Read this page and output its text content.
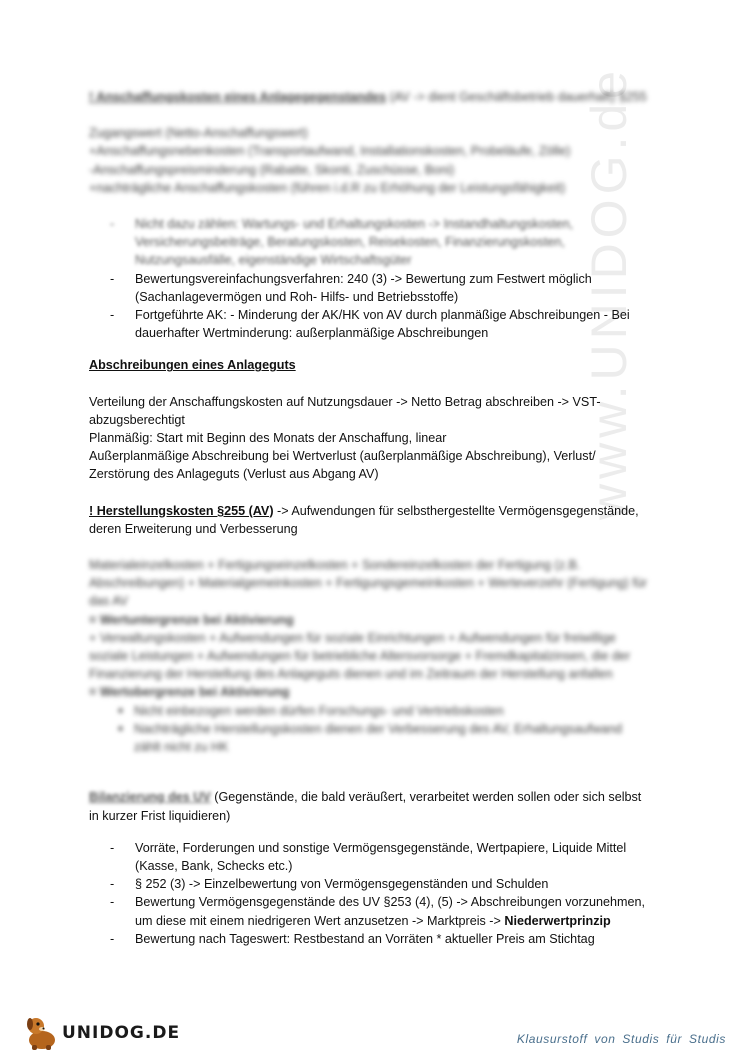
www.UNIDOG.de

! Anschaffungskosten eines Anlagegegenstandes (AV -> dient Geschäftsbetrieb dauerhaft) §255

Zugangswert (Netto-Anschaffungswert)

+Anschaffungsnebenkosten (Transportaufwand, Installationskosten, Probeläufe, Zölle)

-Anschaffungspreisminderung (Rabatte, Skonti, Zuschüsse, Boni)

+nachträgliche Anschaffungskosten (führen i.d.R zu Erhöhung der Leistungsfähigkeit)

- Nicht dazu zählen: Wartungs- und Erhaltungskosten -> Instandhaltungskosten, Versicherungsbeiträge, Beratungskosten, Reisekosten, Finanzierungskosten, Nutzungsausfälle, eigenständige Wirtschaftsgüter
- Bewertungsvereinfachungsverfahren: 240 (3) -> Bewertung zum Festwert möglich (Sachanlagevermögen und Roh- Hilfs- und Betriebsstoffe)
- Fortgeführte AK: - Minderung der AK/HK von AV durch planmäßige Abschreibungen - Bei dauerhafter Wertminderung: außerplanmäßige Abschreibungen

Abschreibungen eines Anlageguts

Verteilung der Anschaffungskosten auf Nutzungsdauer -> Netto Betrag abschreiben -> VST-abzugsberechtigt

Planmäßig: Start mit Beginn des Monats der Anschaffung, linear

Außerplanmäßige Abschreibung bei Wertverlust (außerplanmäßige Abschreibung), Verlust/ Zerstörung des Anlageguts (Verlust aus Abgang AV)

! Herstellungskosten §255 (AV) -> Aufwendungen für selbsthergestellte Vermögensgegenstände, deren Erweiterung und Verbesserung

Materialeinzelkosten + Fertigungseinzelkosten + Sondereinzelkosten der Fertigung (z.B. Abschreibungen) + Materialgemeinkosten + Fertigungsgemeinkosten + Werteverzehr (Fertigung) für das AV

= Wertuntergrenze bei Aktivierung

+ Verwaltungskosten + Aufwendungen für soziale Einrichtungen + Aufwendungen für freiwillige soziale Leistungen + Aufwendungen für betriebliche Altersvorsorge + Fremdkapitalzinsen, die der Finanzierung der Herstellung des Anlageguts dienen und im Zeitraum der Herstellung anfallen

= Wertobergrenze bei Aktivierung

➧ Nicht einbezogen werden dürfen Forschungs- und Vertriebskosten
➧ Nachträgliche Herstellungskosten dienen der Verbesserung des AV, Erhaltungsaufwand zählt nicht zu HK

Bilanzierung des UV (Gegenstände, die bald veräußert, verarbeitet werden sollen oder sich selbst in kurzer Frist liquidieren)

- Vorräte, Forderungen und sonstige Vermögensgegenstände, Wertpapiere, Liquide Mittel (Kasse, Bank, Schecks etc.)
- § 252 (3) -> Einzelbewertung von Vermögensgegenständen und Schulden
- Bewertung Vermögensgegenstände des UV §253 (4), (5) -> Abschreibungen vorzunehmen, um diese mit einem niedrigeren Wert anzusetzen -> Marktpreis -> Niederwertprinzip
- Bewertung nach Tageswert: Restbestand an Vorräten * aktueller Preis am Stichtag
UNIDOG.DE	Klausurstoff von Studis für Studis
